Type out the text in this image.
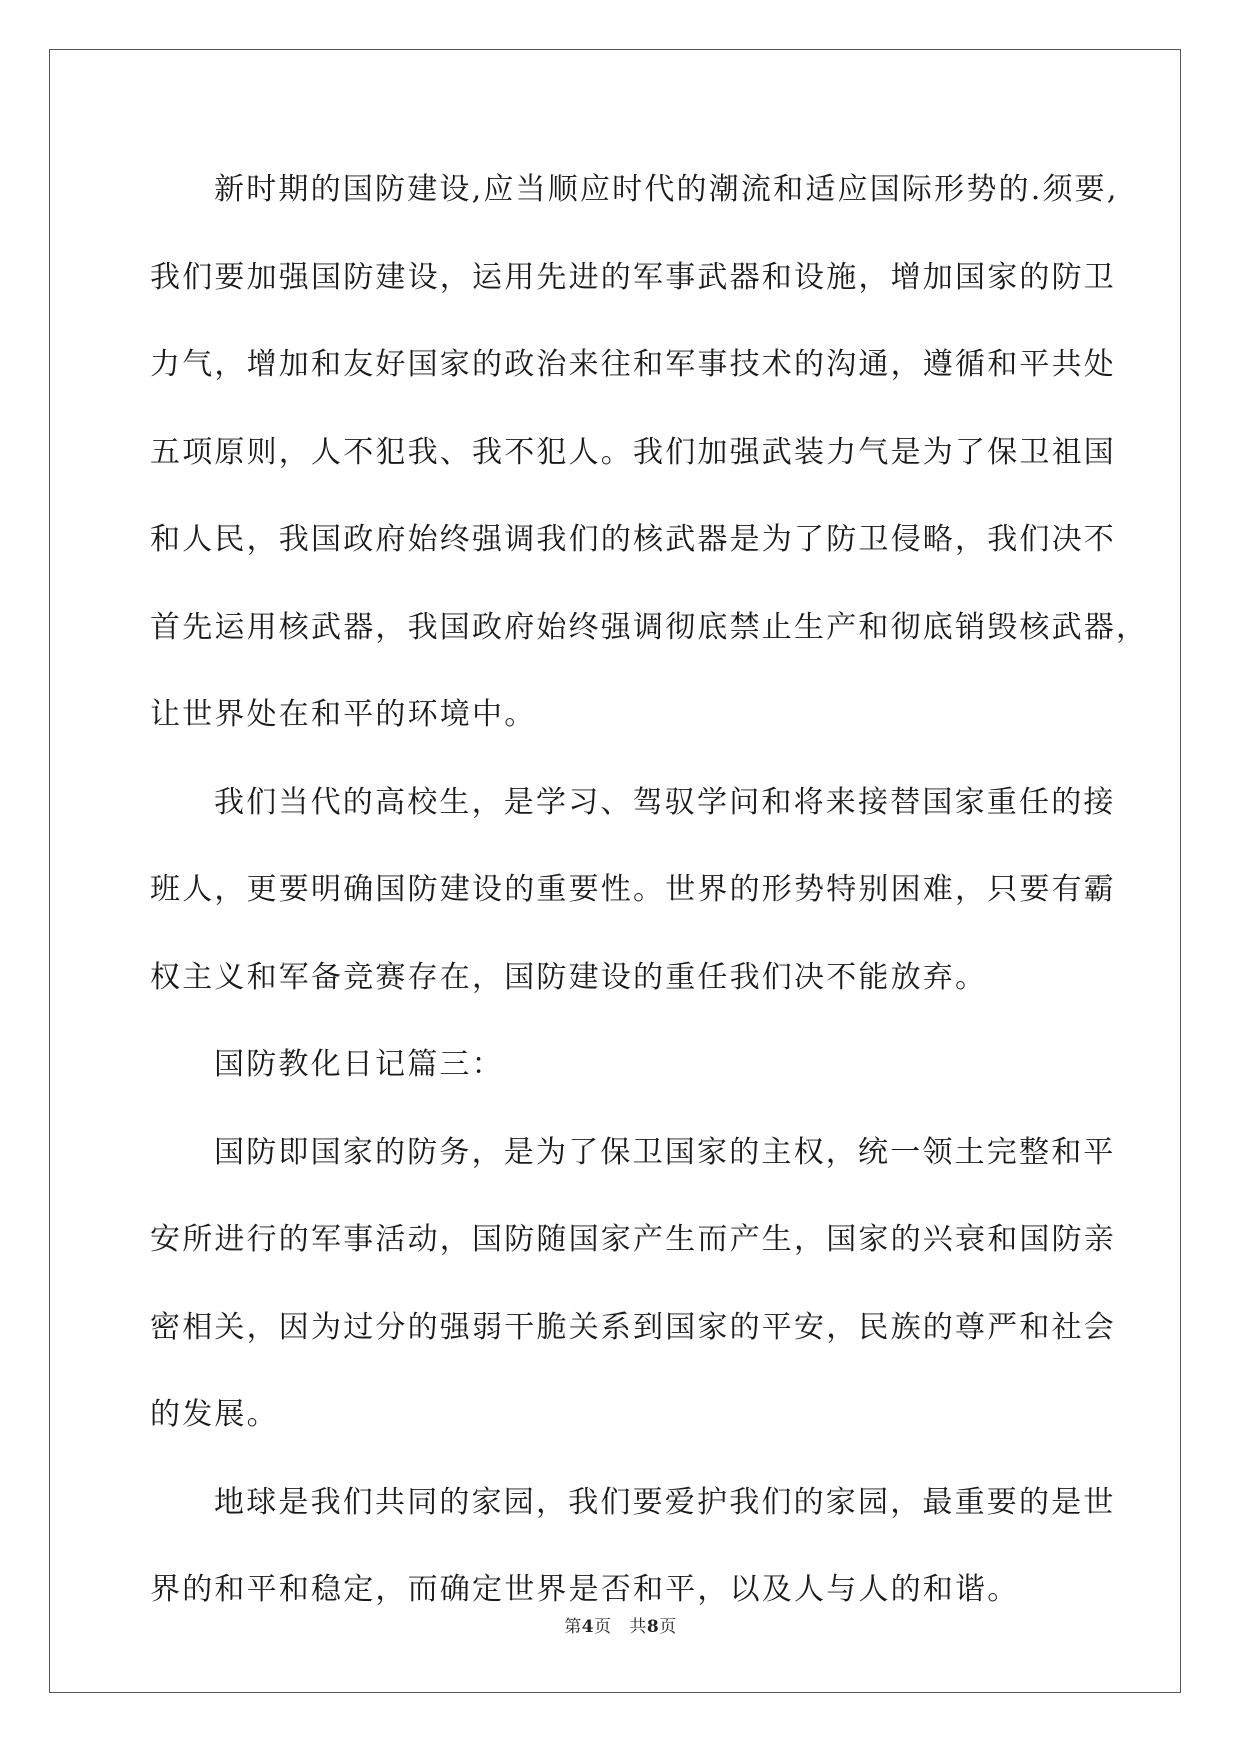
新时期的国防建设,应当顺应时代的潮流和适应国际形势的.须要,
我们要加强国防建设，运用先进的军事武器和设施，增加国家的防卫
力气，增加和友好国家的政治来往和军事技术的沟通，遵循和平共处
五项原则，人不犯我、我不犯人。我们加强武装力气是为了保卫祖国
和人民，我国政府始终强调我们的核武器是为了防卫侵略，我们决不
首先运用核武器，我国政府始终强调彻底禁止生产和彻底销毁核武器，
让世界处在和平的环境中。
我们当代的高校生，是学习、驾驭学问和将来接替国家重任的接
班人，更要明确国防建设的重要性。世界的形势特别困难，只要有霸
权主义和军备竞赛存在，国防建设的重任我们决不能放弃。
国防教化日记篇三：
国防即国家的防务，是为了保卫国家的主权，统一领土完整和平
安所进行的军事活动，国防随国家产生而产生，国家的兴衰和国防亲
密相关，因为过分的强弱干脆关系到国家的平安，民族的尊严和社会
的发展。
地球是我们共同的家园，我们要爱护我们的家园，最重要的是世
界的和平和稳定，而确定世界是否和平，以及人与人的和谐。
第4页 共8页
